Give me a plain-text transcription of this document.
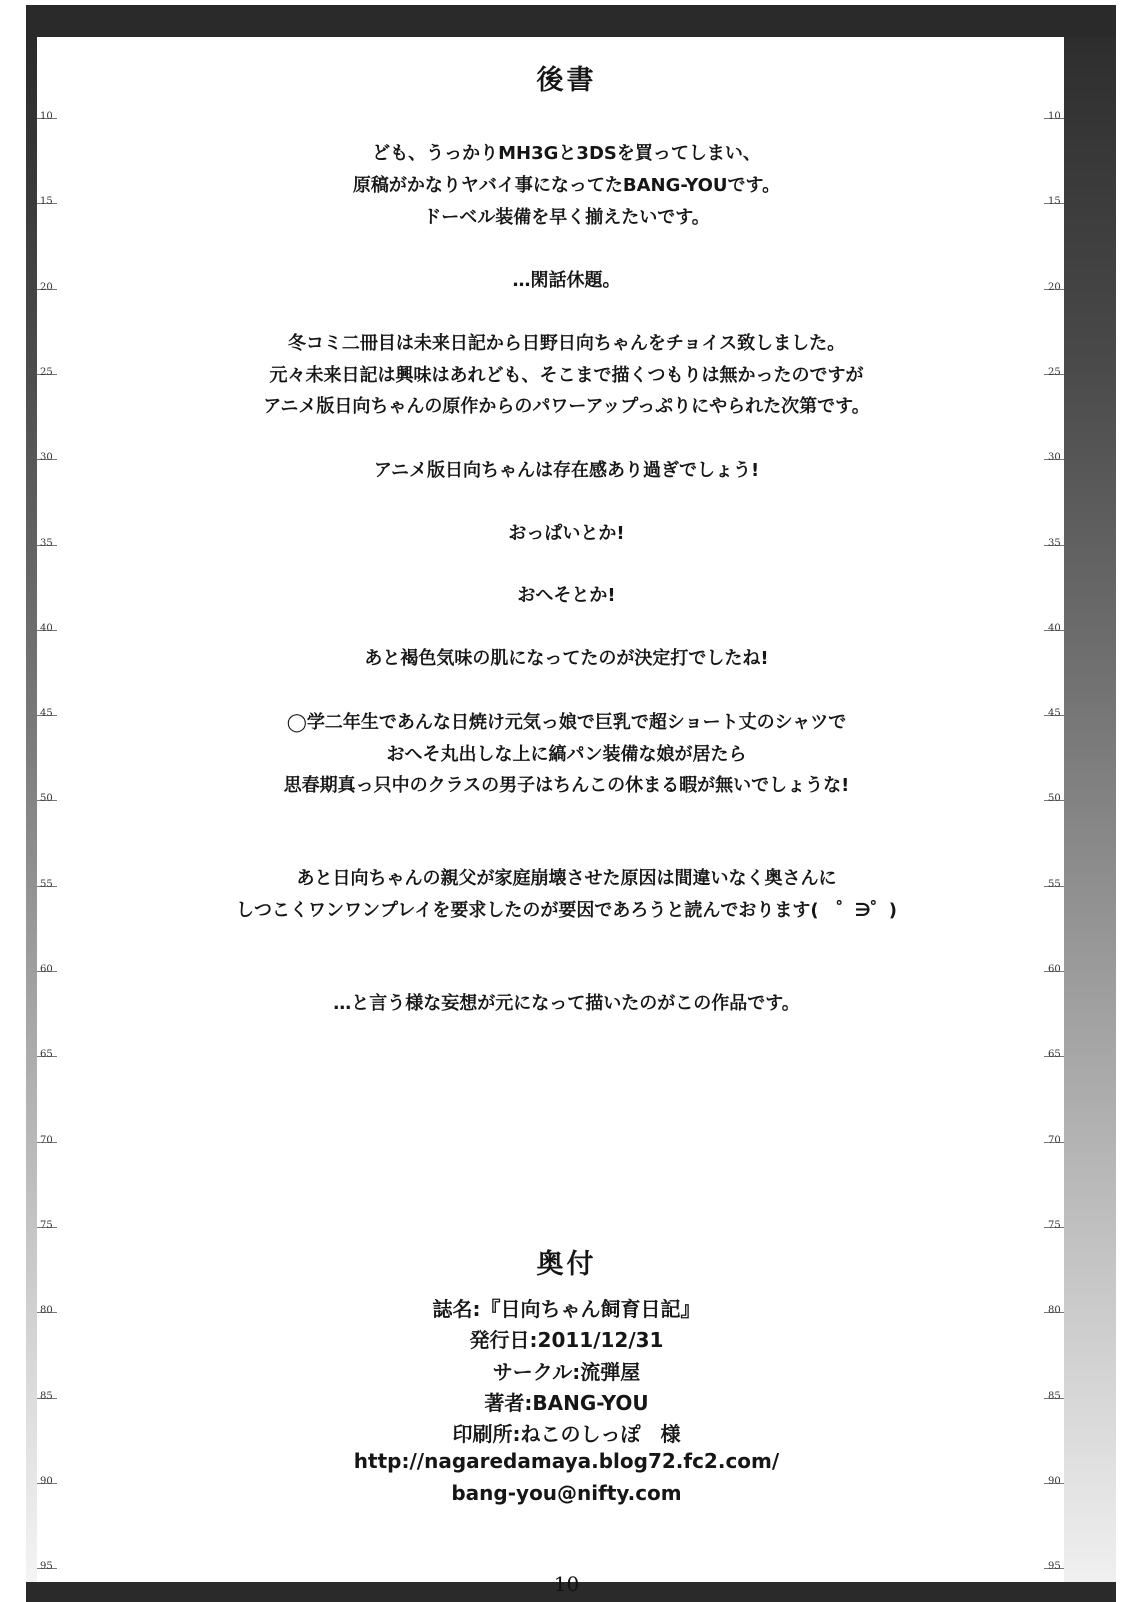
10	10
15	15
20	20
25	25
30	30
35	35
40	40
45	45
50	50
55	55
60	60
65	65
70	70
75	75
80	80
85	85
90	90
95	95
後書
ども、うっかりMH3Gと3DSを買ってしまい、
原稿がかなりヤバイ事になってたBANG-YOUです。
ドーベル装備を早く揃えたいです。
…閑話休題。
冬コミ二冊目は未来日記から日野日向ちゃんをチョイス致しました。
元々未来日記は興味はあれども、そこまで描くつもりは無かったのですが
アニメ版日向ちゃんの原作からのパワーアップっぷりにやられた次第です。
アニメ版日向ちゃんは存在感あり過ぎでしょう!
おっぱいとか!
おへそとか!
あと褐色気味の肌になってたのが決定打でしたね!
◯学二年生であんな日焼け元気っ娘で巨乳で超ショート丈のシャツで
おへそ丸出しな上に縞パン装備な娘が居たら
思春期真っ只中のクラスの男子はちんこの休まる暇が無いでしょうな!
あと日向ちゃんの親父が家庭崩壊させた原因は間違いなく奥さんに
しつこくワンワンプレイを要求したのが要因であろうと読んでおります(　゜∋゜)
…と言う様な妄想が元になって描いたのがこの作品です。
奥付
誌名:『日向ちゃん飼育日記』
発行日:2011/12/31
サークル:流弾屋
著者:BANG-YOU
印刷所:ねこのしっぽ　様
http://nagaredamaya.blog72.fc2.com/
bang-you@nifty.com
10
